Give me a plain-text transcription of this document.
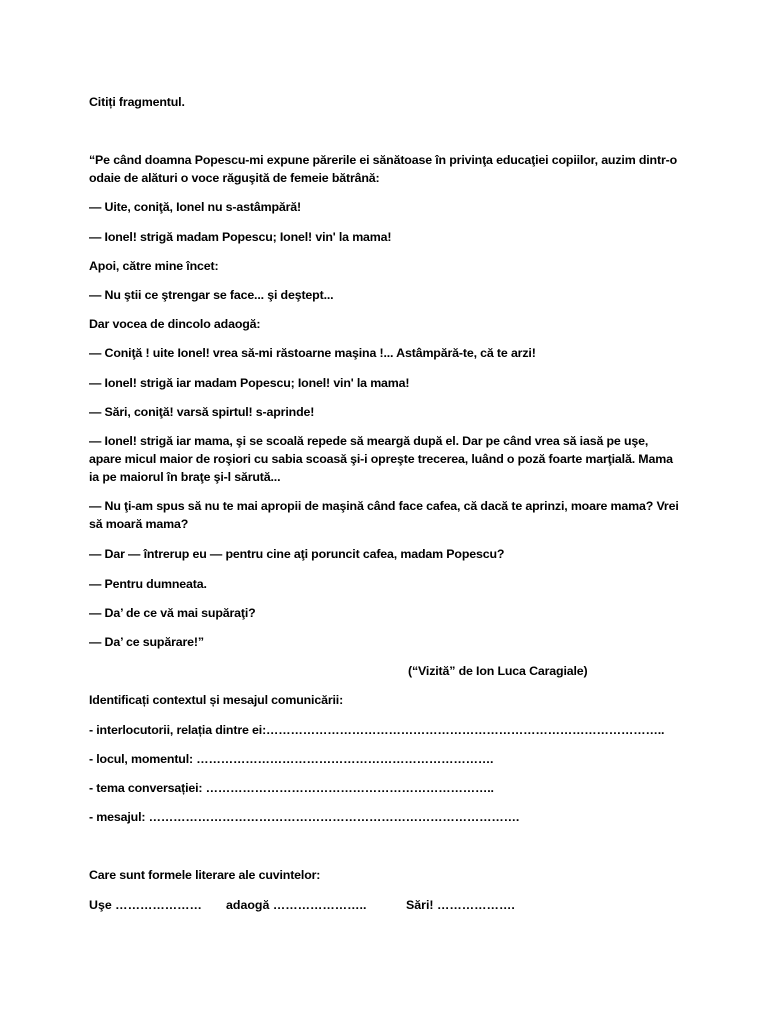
Citiți fragmentul.
“Pe când doamna Popescu-mi expune părerile ei sănătoase în privinţa educaţiei copiilor, auzim dintr-o odaie de alături o voce răguşită de femeie bătrână:
— Uite, coniţă, Ionel nu s-astâmpără!
— Ionel! strigă madam Popescu; Ionel! vin' la mama!
Apoi, către mine încet:
— Nu ştii ce ştrengar se face... şi deştept...
Dar vocea de dincolo adaogă:
— Coniţă ! uite Ionel! vrea să-mi răstoarne maşina !... Astâmpără-te, că te arzi!
— Ionel! strigă iar madam Popescu; Ionel! vin' la mama!
— Sări, coniţă! varsă spirtul! s-aprinde!
— Ionel! strigă iar mama, şi se scoală repede să meargă după el. Dar pe când vrea să iasă pe uşe, apare micul maior de roşiori cu sabia scoasă şi-i opreşte trecerea, luând o poză foarte marţială. Mama ia pe maiorul în braţe şi-l sărută...
— Nu ţi-am spus să nu te mai apropii de maşină când face cafea, că dacă te aprinzi, moare mama? Vrei să moară mama?
— Dar — întrerup eu — pentru cine aţi poruncit cafea, madam Popescu?
— Pentru dumneata.
— Da’ de ce vă mai supăraţi?
— Da’ ce supărare!”
(“Vizită” de Ion Luca Caragiale)
Identificați contextul și mesajul comunicării:
- interlocutorii, relația dintre ei:……………………………………………………………………………………..
- locul, momentul: ……………………………………………………………….
- tema conversației: ……………………………………………………………..
- mesajul: ……………………………………………………………………………….
Care sunt formele literare ale cuvintelor:
Uşe ………………… adaogă …………………..	Sări! ……………….
